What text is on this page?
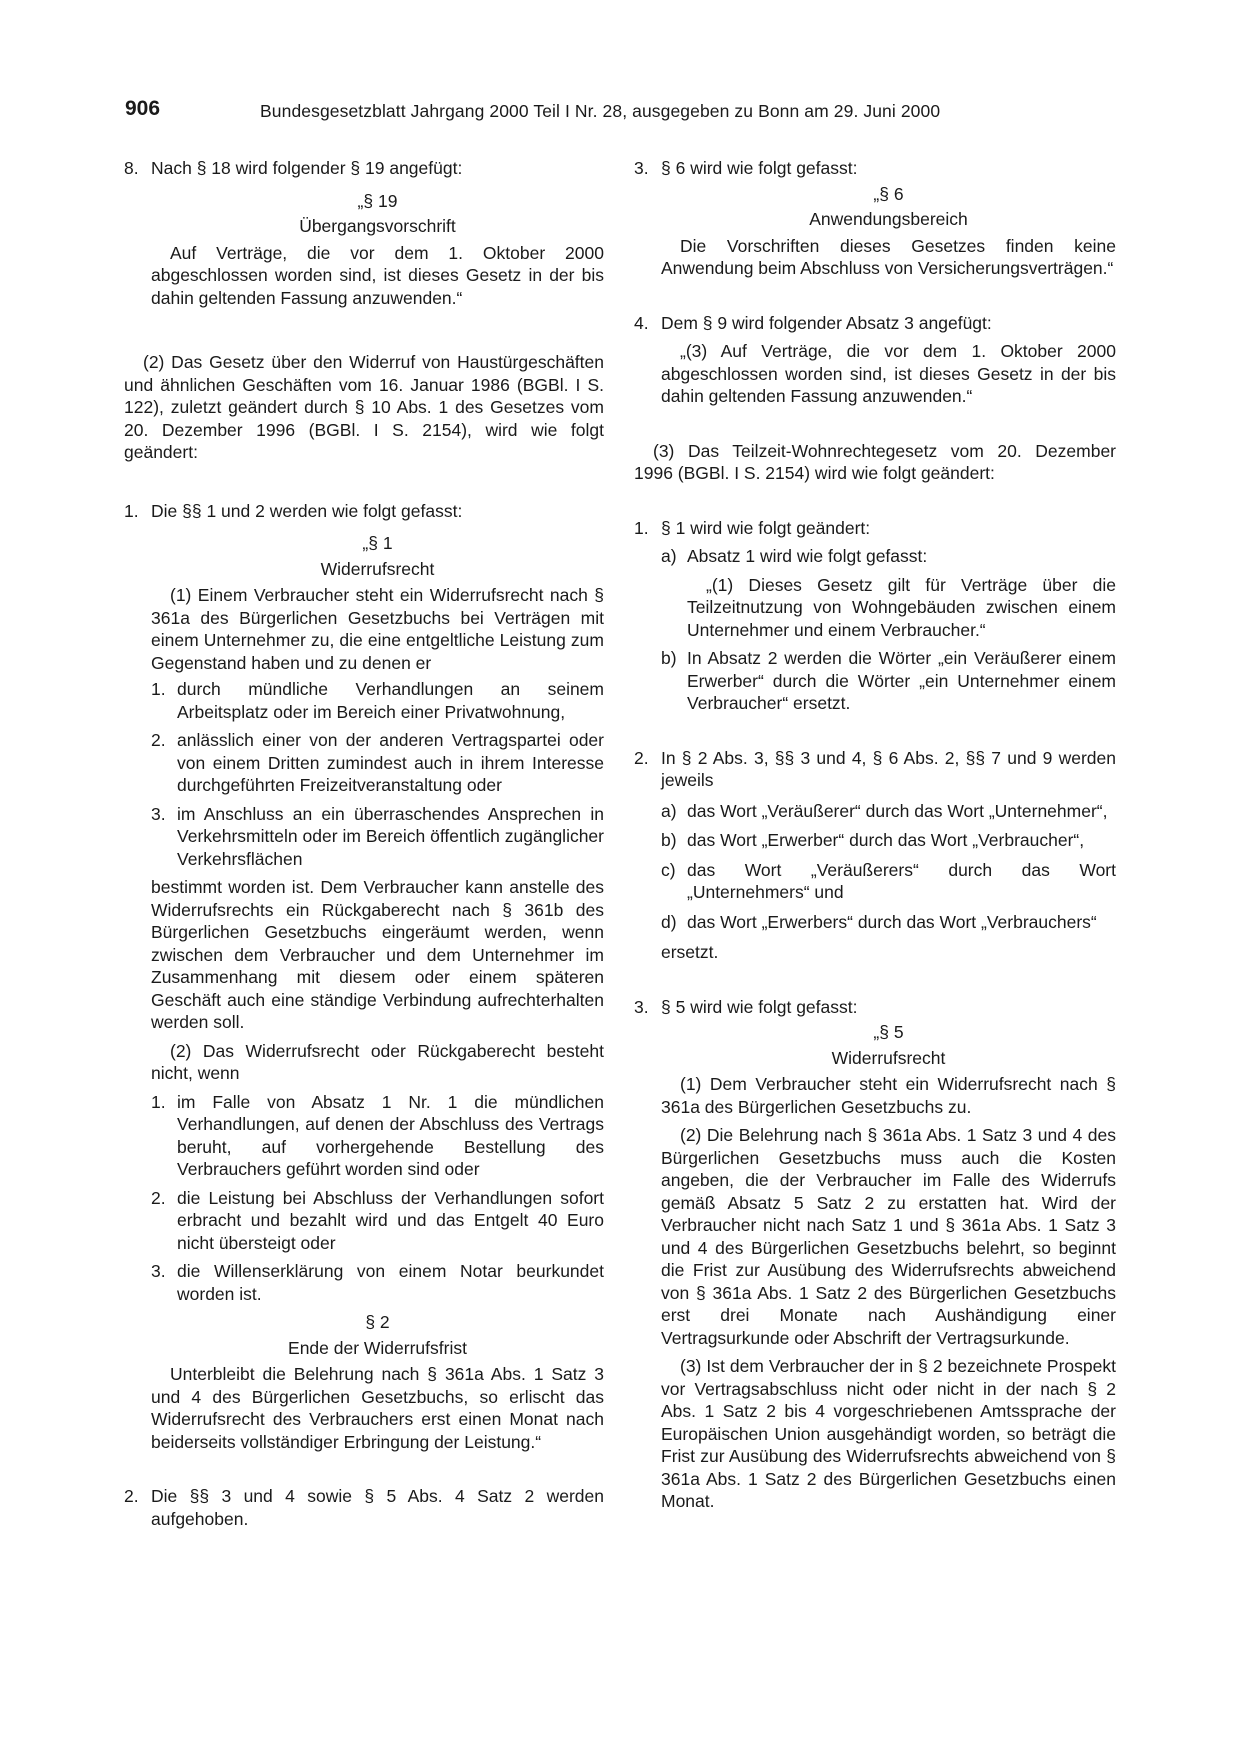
906	Bundesgesetzblatt Jahrgang 2000 Teil I Nr. 28, ausgegeben zu Bonn am 29. Juni 2000
8. Nach § 18 wird folgender § 19 angefügt:
„§ 19
Übergangsvorschrift
Auf Verträge, die vor dem 1. Oktober 2000 abgeschlossen worden sind, ist dieses Gesetz in der bis dahin geltenden Fassung anzuwenden.“
(2) Das Gesetz über den Widerruf von Haustürgeschäften und ähnlichen Geschäften vom 16. Januar 1986 (BGBl. I S. 122), zuletzt geändert durch § 10 Abs. 1 des Gesetzes vom 20. Dezember 1996 (BGBl. I S. 2154), wird wie folgt geändert:
1. Die §§ 1 und 2 werden wie folgt gefasst:
„§ 1
Widerrufsrecht
(1) Einem Verbraucher steht ein Widerrufsrecht nach § 361a des Bürgerlichen Gesetzbuchs bei Verträgen mit einem Unternehmer zu, die eine entgeltliche Leistung zum Gegenstand haben und zu denen er
1. durch mündliche Verhandlungen an seinem Arbeitsplatz oder im Bereich einer Privatwohnung,
2. anlässlich einer von der anderen Vertragspartei oder von einem Dritten zumindest auch in ihrem Interesse durchgeführten Freizeitveranstaltung oder
3. im Anschluss an ein überraschendes Ansprechen in Verkehrsmitteln oder im Bereich öffentlich zugänglicher Verkehrsflächen
bestimmt worden ist. Dem Verbraucher kann anstelle des Widerrufsrechts ein Rückgaberecht nach § 361b des Bürgerlichen Gesetzbuchs eingeräumt werden, wenn zwischen dem Verbraucher und dem Unternehmer im Zusammenhang mit diesem oder einem späteren Geschäft auch eine ständige Verbindung aufrechterhalten werden soll.
(2) Das Widerrufsrecht oder Rückgaberecht besteht nicht, wenn
1. im Falle von Absatz 1 Nr. 1 die mündlichen Verhandlungen, auf denen der Abschluss des Vertrags beruht, auf vorhergehende Bestellung des Verbrauchers geführt worden sind oder
2. die Leistung bei Abschluss der Verhandlungen sofort erbracht und bezahlt wird und das Entgelt 40 Euro nicht übersteigt oder
3. die Willenserklärung von einem Notar beurkundet worden ist.
§ 2
Ende der Widerrufsfrist
Unterbleibt die Belehrung nach § 361a Abs. 1 Satz 3 und 4 des Bürgerlichen Gesetzbuchs, so erlischt das Widerrufsrecht des Verbrauchers erst einen Monat nach beiderseits vollständiger Erbringung der Leistung.“
2. Die §§ 3 und 4 sowie § 5 Abs. 4 Satz 2 werden aufgehoben.
3. § 6 wird wie folgt gefasst:
„§ 6
Anwendungsbereich
Die Vorschriften dieses Gesetzes finden keine Anwendung beim Abschluss von Versicherungsverträgen.“
4. Dem § 9 wird folgender Absatz 3 angefügt:
„(3) Auf Verträge, die vor dem 1. Oktober 2000 abgeschlossen worden sind, ist dieses Gesetz in der bis dahin geltenden Fassung anzuwenden.“
(3) Das Teilzeit-Wohnrechtegesetz vom 20. Dezember 1996 (BGBl. I S. 2154) wird wie folgt geändert:
1. § 1 wird wie folgt geändert:
a) Absatz 1 wird wie folgt gefasst:
„(1) Dieses Gesetz gilt für Verträge über die Teilzeitnutzung von Wohngebäuden zwischen einem Unternehmer und einem Verbraucher.“
b) In Absatz 2 werden die Wörter „ein Veräußerer einem Erwerber“ durch die Wörter „ein Unternehmer einem Verbraucher“ ersetzt.
2. In § 2 Abs. 3, §§ 3 und 4, § 6 Abs. 2, §§ 7 und 9 werden jeweils
a) das Wort „Veräußerer“ durch das Wort „Unternehmer“,
b) das Wort „Erwerber“ durch das Wort „Verbraucher“,
c) das Wort „Veräußerers“ durch das Wort „Unternehmers“ und
d) das Wort „Erwerbers“ durch das Wort „Verbrauchers“
ersetzt.
3. § 5 wird wie folgt gefasst:
„§ 5
Widerrufsrecht
(1) Dem Verbraucher steht ein Widerrufsrecht nach § 361a des Bürgerlichen Gesetzbuchs zu.
(2) Die Belehrung nach § 361a Abs. 1 Satz 3 und 4 des Bürgerlichen Gesetzbuchs muss auch die Kosten angeben, die der Verbraucher im Falle des Widerrufs gemäß Absatz 5 Satz 2 zu erstatten hat. Wird der Verbraucher nicht nach Satz 1 und § 361a Abs. 1 Satz 3 und 4 des Bürgerlichen Gesetzbuchs belehrt, so beginnt die Frist zur Ausübung des Widerrufsrechts abweichend von § 361a Abs. 1 Satz 2 des Bürgerlichen Gesetzbuchs erst drei Monate nach Aushändigung einer Vertragsurkunde oder Abschrift der Vertragsurkunde.
(3) Ist dem Verbraucher der in § 2 bezeichnete Prospekt vor Vertragsabschluss nicht oder nicht in der nach § 2 Abs. 1 Satz 2 bis 4 vorgeschriebenen Amtssprache der Europäischen Union ausgehändigt worden, so beträgt die Frist zur Ausübung des Widerrufsrechts abweichend von § 361a Abs. 1 Satz 2 des Bürgerlichen Gesetzbuchs einen Monat.
